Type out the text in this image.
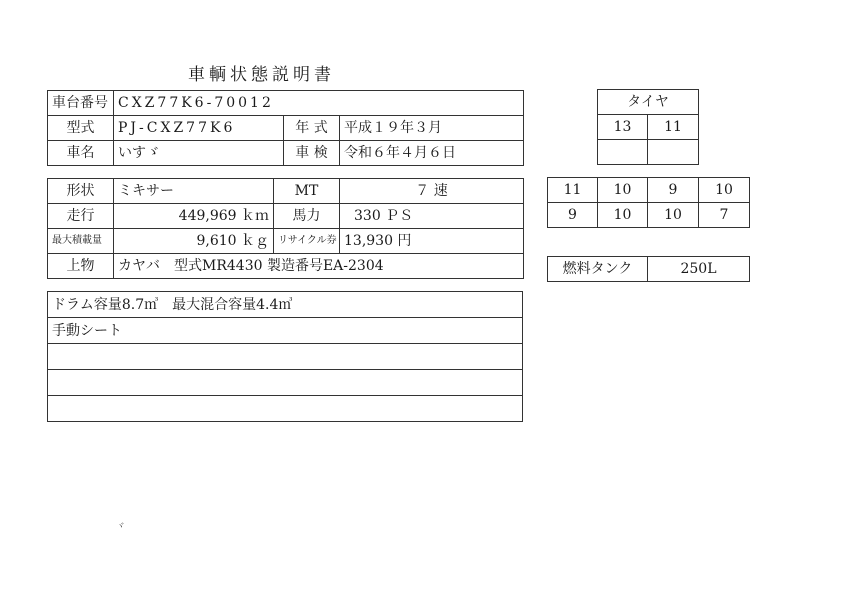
車輌状態説明書
車台番号	CXZ77K6-70012		
型式	PJ-CXZ77K6	年 式	平成１９年３月
車名	いすゞ	車 検	令和６年４月６日
形状	ミキサー	MT	７ 速
走行	449,969 ｋｍ	馬力	330 ＰＳ
最大積載量	9,610 ｋｇ	リサイクル券	13,930 円
上物	カヤバ　型式MR4430 製造番号EA-2304		
ドラム容量8.7㎥　最大混合容量4.4㎥
手動シート

タイヤ	
13	11

11	10	9	10
9	10	10	7
燃料タンク	250L
ヾ
